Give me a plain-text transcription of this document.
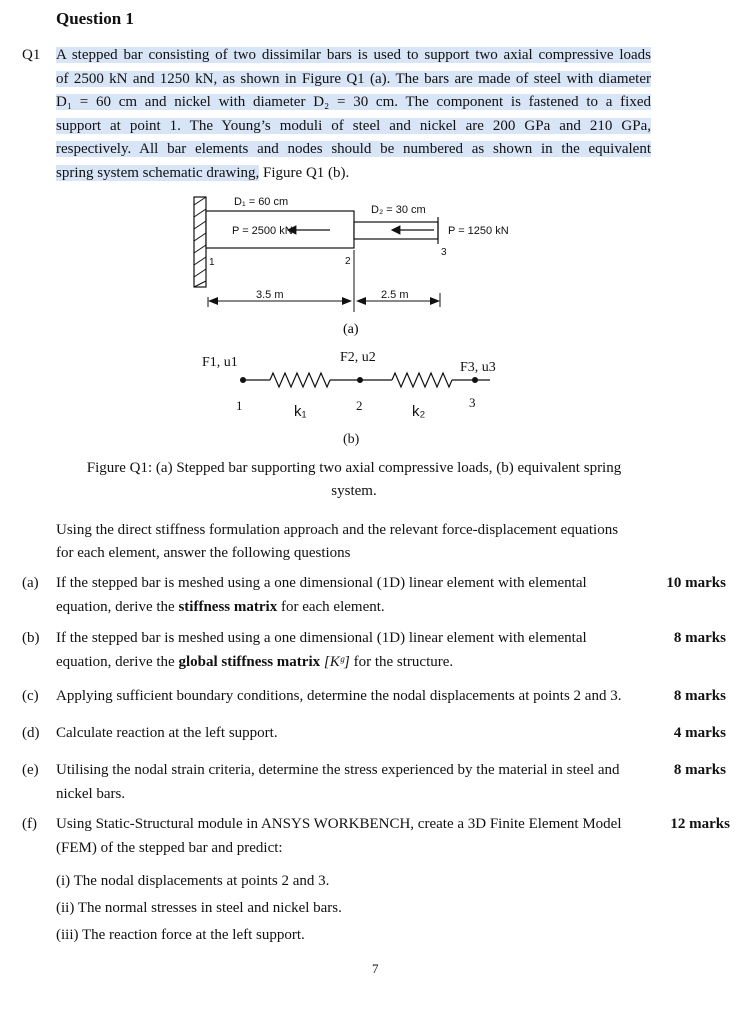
Question 1
Q1 A stepped bar consisting of two dissimilar bars is used to support two axial compressive loads
of 2500 kN and 1250 kN, as shown in Figure Q1 (a). The bars are made of steel with diameter
D₁ = 60 cm and nickel with diameter D₂ = 30 cm. The component is fastened to a fixed
support at point 1. The Young’s moduli of steel and nickel are 200 GPa and 210 GPa,
respectively. All bar elements and nodes should be numbered as shown in the equivalent
spring system schematic drawing, Figure Q1 (b).
D₁ = 60 cm
D₂ = 30 cm
P = 2500 kN	P = 1250 kN
1	2
3
3.5 m	2.5 m
(a)
F1, u1	F2, u2
F3, u3
1	2	3
(b)
k₁	k₂
Figure Q1: (a) Stepped bar supporting two axial compressive loads, (b) equivalent spring
system.
Using the direct stiffness formulation approach and the relevant force-displacement equations
for each element, answer the following questions
(a) If the stepped bar is meshed using a one dimensional (1D) linear element with elemental
equation, derive the stiffness matrix for each element.
10 marks
(b) If the stepped bar is meshed using a one dimensional (1D) linear element with elemental
equation, derive the global stiffness matrix [Kᵍ] for the structure.
8 marks
(c) Applying sufficient boundary conditions, determine the nodal displacements at points 2 and 3.	8 marks
(d) Calculate reaction at the left support.	4 marks
(e) Utilising the nodal strain criteria, determine the stress experienced by the material in steel and
nickel bars.
8 marks
(f) Using Static-Structural module in ANSYS WORKBENCH, create a 3D Finite Element Model
(FEM) of the stepped bar and predict:
12 marks
(i) The nodal displacements at points 2 and 3.
(ii) The normal stresses in steel and nickel bars.
(iii) The reaction force at the left support.
7
